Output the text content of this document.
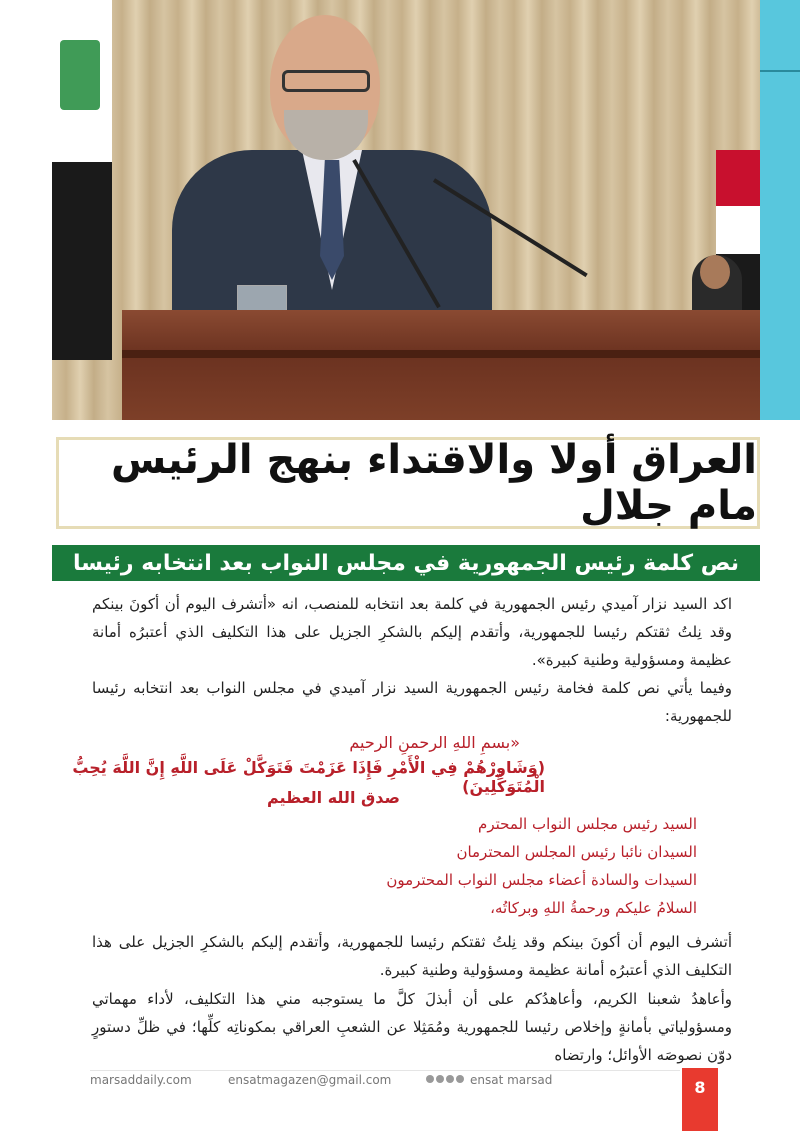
العراق أولا والاقتداء بنهج الرئيس مام جلال
نص كلمة رئيس الجمهورية في مجلس النواب بعد انتخابه رئيسا

اكد السيد نزار آميدي رئيس الجمهورية في كلمة بعد انتخابه للمنصب، انه «أتشرف اليوم أن أكونَ بينكم وقد نِلتُ ثقتكم رئيسا للجمهورية، وأتقدم إليكم بالشكرِ الجزيل على هذا التكليف الذي أعتبرُه أمانة عظيمة ومسؤولية وطنية كبيرة».

وفيما يأتي نص كلمة فخامة رئيس الجمهورية السيد نزار آميدي في مجلس النواب بعد انتخابه رئيسا للجمهورية:

«بسمِ اللهِ الرحمنِ الرحيم
(وَشَاوِرْهُمْ فِي الْأَمْرِ فَإِذَا عَزَمْتَ فَتَوَكَّلْ عَلَى اللَّهِ إِنَّ اللَّهَ يُحِبُّ الْمُتَوَكِّلِينَ)
صدق الله العظيم
السيد رئيس مجلس النواب المحترم
السيدان نائبا رئيس المجلس المحترمان
السيدات والسادة أعضاء مجلس النواب المحترمون
السلامُ عليكم ورحمةُ اللهِ وبركاتُه،

أتشرف اليوم أن أكونَ بينكم وقد نِلتُ ثقتكم رئيسا للجمهورية، وأتقدم إليكم بالشكرِ الجزيل على هذا التكليف الذي أعتبرُه أمانة عظيمة ومسؤولية وطنية كبيرة.

وأعاهدُ شعبنا الكريم، وأعاهدُكم على أن أبذلَ كلَّ ما يستوجبه مني هذا التكليف، لأداء مهماتي ومسؤولياتي بأمانةٍ وإخلاص رئيسا للجمهورية ومُمَثِلا عن الشعبِ العراقي بمكوناتِه كلِّها؛ في ظلِّ دستورٍ دوّن نصوصَه الأوائل؛ وارتضاه

marsaddaily.com	ensatmagazen@gmail.com	ensat marsad	8
